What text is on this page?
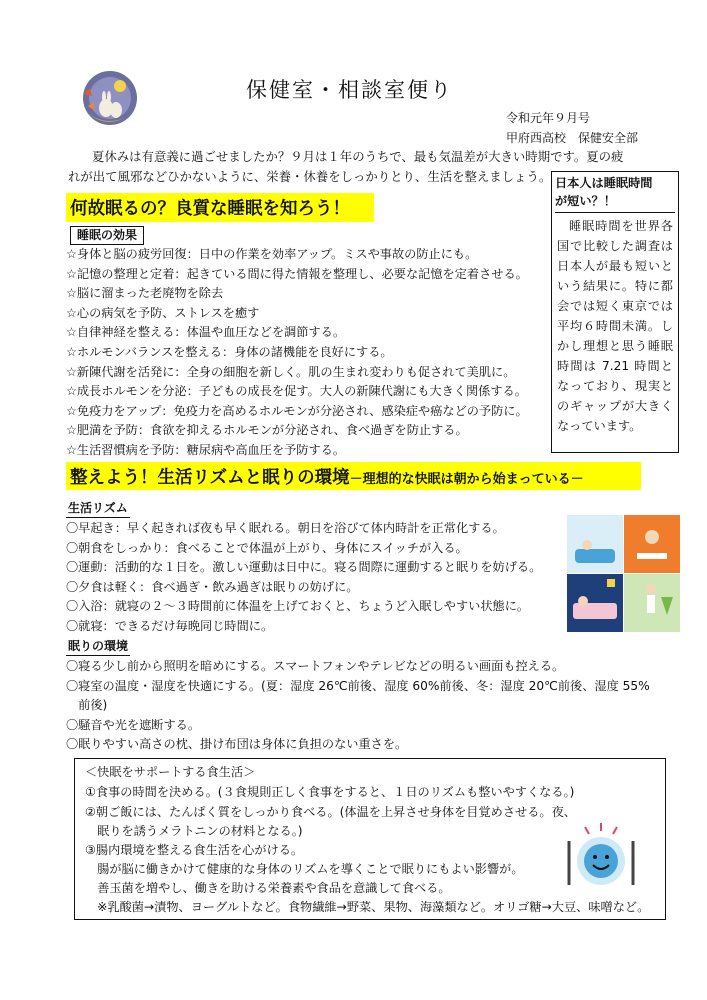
保健室・相談室便り
令和元年９月号
甲府西高校　保健安全部
夏休みは有意義に過ごせましたか？９月は１年のうちで、最も気温差が大きい時期です。夏の疲れが出て風邪などひかないように、栄養・休養をしっかりとり、生活を整えましょう。
何故眠るの？良質な睡眠を知ろう！
睡眠の効果
☆身体と脳の疲労回復：日中の作業を効率アップ。ミスや事故の防止にも。
☆記憶の整理と定着：起きている間に得た情報を整理し、必要な記憶を定着させる。
☆脳に溜まった老廃物を除去
☆心の病気を予防、ストレスを癒す
☆自律神経を整える：体温や血圧などを調節する。
☆ホルモンバランスを整える：身体の諸機能を良好にする。
☆新陳代謝を活発に：全身の細胞を新しく。肌の生まれ変わりも促されて美肌に。
☆成長ホルモンを分泌：子どもの成長を促す。大人の新陳代謝にも大きく関係する。
☆免疫力をアップ：免疫力を高めるホルモンが分泌され、感染症や癌などの予防に。
☆肥満を予防：食欲を抑えるホルモンが分泌され、食べ過ぎを防止する。
☆生活習慣病を予防：糖尿病や高血圧を予防する。
日本人は睡眠時間
が短い？！
睡眠時間を世界各国で比較した調査は日本人が最も短いという結果に。特に都会では短く東京では平均６時間未満。しかし理想と思う睡眠時間は 7.21 時間となっており、現実とのギャップが大きくなっています。
整えよう！生活リズムと眠りの環境－理想的な快眠は朝から始まっている－
生活リズム
〇早起き：早く起きれば夜も早く眠れる。朝日を浴びて体内時計を正常化する。
〇朝食をしっかり：食べることで体温が上がり、身体にスイッチが入る。
〇運動：活動的な１日を。激しい運動は日中に。寝る間際に運動すると眠りを妨げる。
〇夕食は軽く：食べ過ぎ・飲み過ぎは眠りの妨げに。
〇入浴：就寝の２～３時間前に体温を上げておくと、ちょうど入眠しやすい状態に。
〇就寝：できるだけ毎晩同じ時間に。
眠りの環境
〇寝る少し前から照明を暗めにする。スマートフォンやテレビなどの明るい画面も控える。
〇寝室の温度・湿度を快適にする。(夏：湿度 26℃前後、湿度 60%前後、冬：湿度 20℃前後、湿度 55%
　前後)
〇騒音や光を遮断する。
〇眠りやすい高さの枕、掛け布団は身体に負担のない重さを。
＜快眠をサポートする食生活＞
①食事の時間を決める。(３食規則正しく食事をすると、１日のリズムも整いやすくなる。)
②朝ご飯には、たんぱく質をしっかり食べる。(体温を上昇させ身体を目覚めさせる。夜、
　眠りを誘うメラトニンの材料となる。)
③腸内環境を整える食生活を心がける。
　腸が脳に働きかけて健康的な身体のリズムを導くことで眠りにもよい影響が。
　善玉菌を増やし、働きを助ける栄養素や食品を意識して食べる。
　※乳酸菌→漬物、ヨーグルトなど。食物繊維→野菜、果物、海藻類など。オリゴ糖→大豆、味噌など。
